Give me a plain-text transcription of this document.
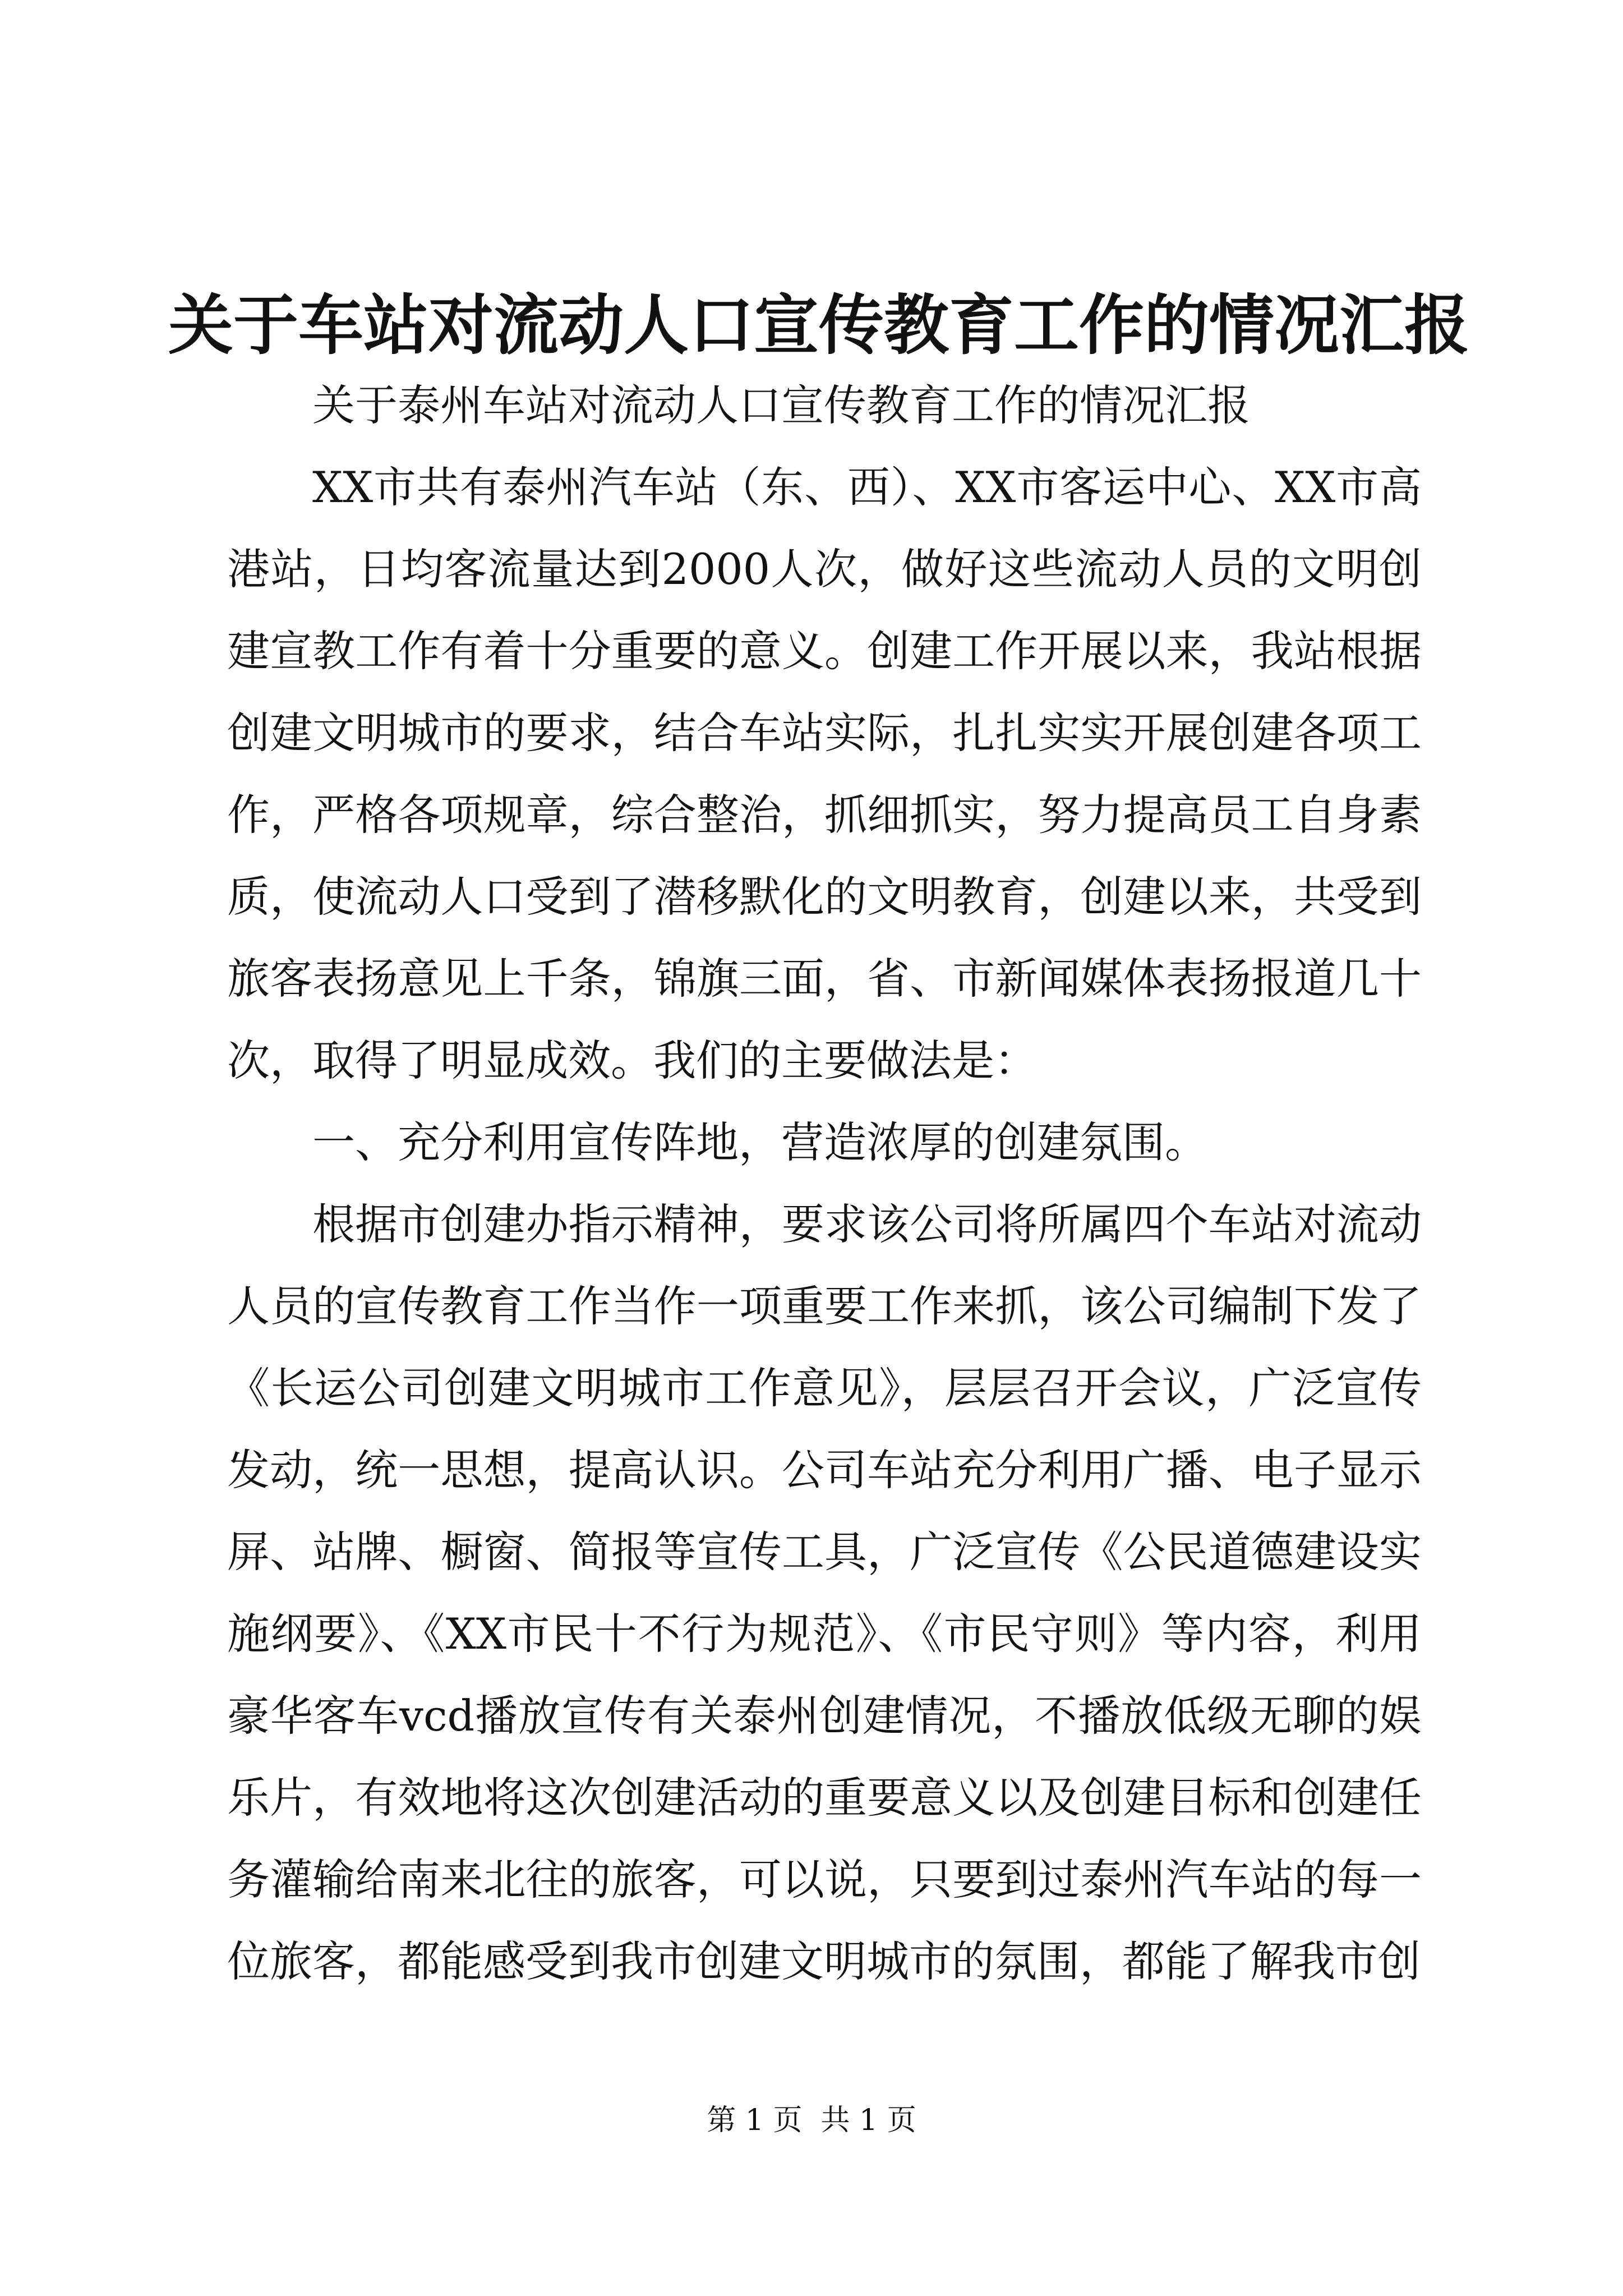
关于车站对流动人口宣传教育工作的情况汇报

关于泰州车站对流动人口宣传教育工作的情况汇报

XX市共有泰州汽车站（东、西）、XX市客运中心、XX市高港站，日均客流量达到2000人次，做好这些流动人员的文明创建宣教工作有着十分重要的意义。创建工作开展以来，我站根据创建文明城市的要求，结合车站实际，扎扎实实开展创建各项工作，严格各项规章，综合整治，抓细抓实，努力提高员工自身素质，使流动人口受到了潜移默化的文明教育，创建以来，共受到旅客表扬意见上千条，锦旗三面，省、市新闻媒体表扬报道几十次，取得了明显成效。我们的主要做法是：

一、充分利用宣传阵地，营造浓厚的创建氛围。

根据市创建办指示精神，要求该公司将所属四个车站对流动人员的宣传教育工作当作一项重要工作来抓，该公司编制下发了《长运公司创建文明城市工作意见》，层层召开会议，广泛宣传发动，统一思想，提高认识。公司车站充分利用广播、电子显示屏、站牌、橱窗、简报等宣传工具，广泛宣传《公民道德建设实施纲要》、《XX市民十不行为规范》、《市民守则》等内容，利用豪华客车vcd播放宣传有关泰州创建情况，不播放低级无聊的娱乐片，有效地将这次创建活动的重要意义以及创建目标和创建任务灌输给南来北往的旅客，可以说，只要到过泰州汽车站的每一位旅客，都能感受到我市创建文明城市的氛围，都能了解我市创

第 1 页  共 1 页
